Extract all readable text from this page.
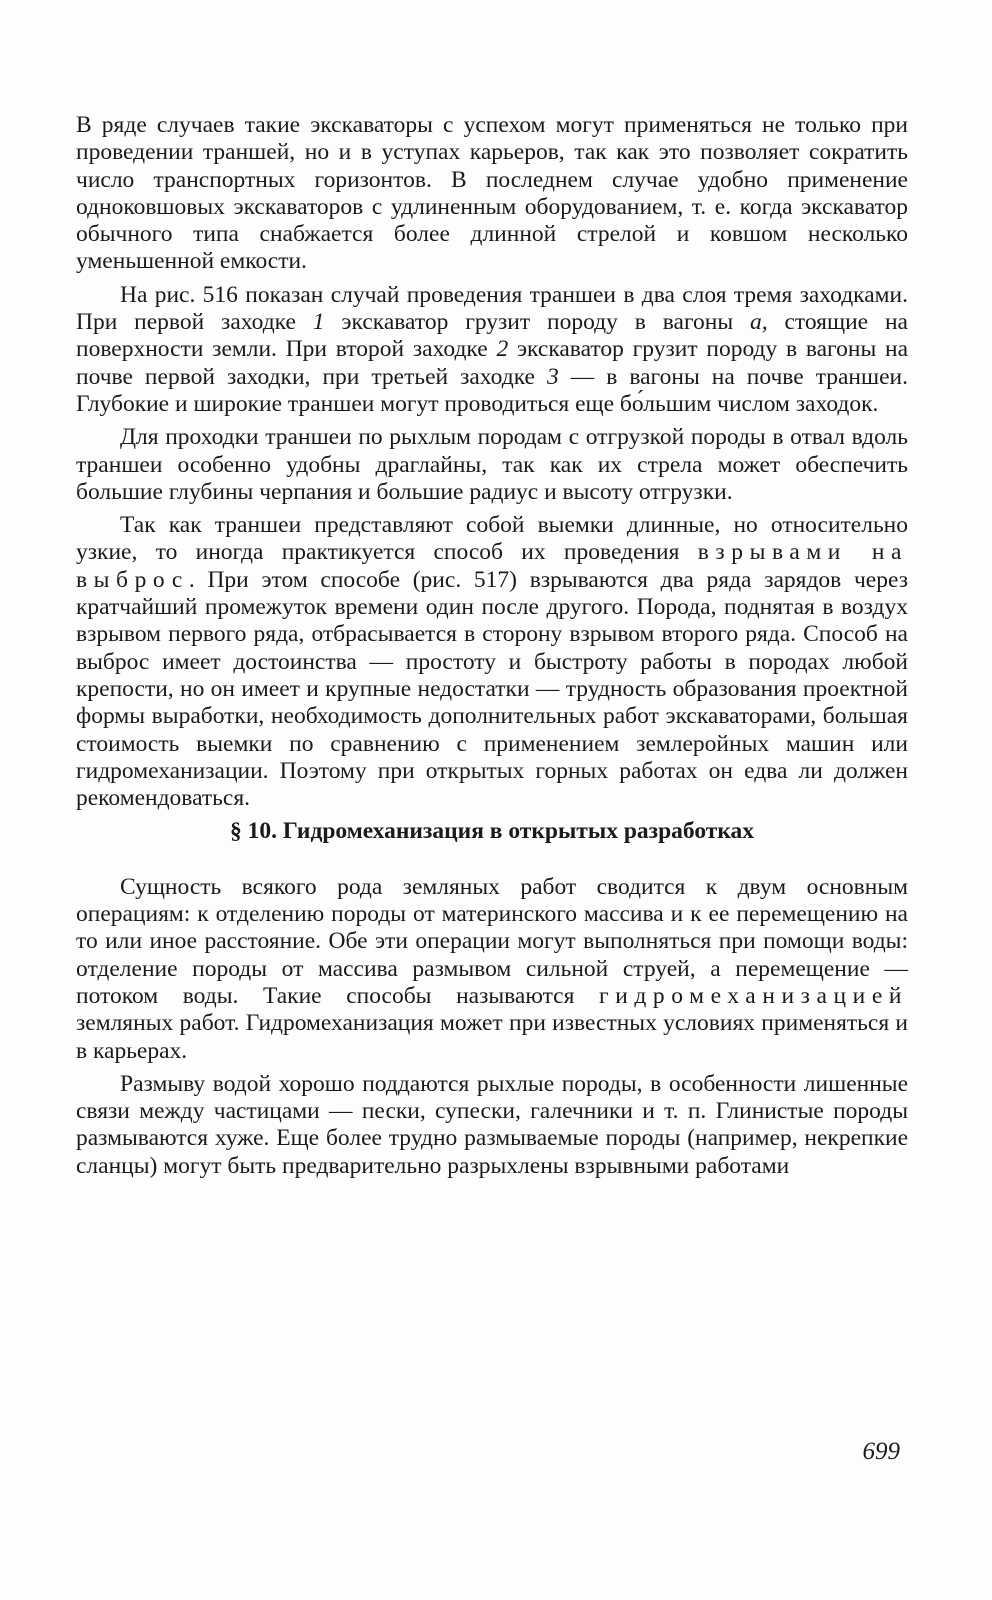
В ряде случаев такие экскаваторы с успехом могут применяться не только при проведении траншей, но и в уступах карьеров, так как это позволяет сократить число транспортных горизонтов. В последнем случае удобно применение одноковшовых экскаваторов с удлиненным оборудованием, т. е. когда экскаватор обычного типа снабжается более длинной стрелой и ковшом несколько уменьшенной емкости.

На рис. 516 показан случай проведения траншеи в два слоя тремя заходками. При первой заходке 1 экскаватор грузит породу в вагоны а, стоящие на поверхности земли. При второй заходке 2 экскаватор грузит породу в вагоны на почве первой заходки, при третьей заходке 3 — в вагоны на почве траншеи. Глубокие и широкие траншеи могут проводиться еще бо́льшим числом заходок.

Для проходки траншеи по рыхлым породам с отгрузкой породы в отвал вдоль траншеи особенно удобны драглайны, так как их стрела может обеспечить большие глубины черпания и большие радиус и высоту отгрузки.

Так как траншеи представляют собой выемки длинные, но относительно узкие, то иногда практикуется способ их проведения взрывами на выброс. При этом способе (рис. 517) взрываются два ряда зарядов через кратчайший промежуток времени один после другого. Порода, поднятая в воздух взрывом первого ряда, отбрасывается в сторону взрывом второго ряда. Способ на выброс имеет достоинства — простоту и быстроту работы в породах любой крепости, но он имеет и крупные недостатки — трудность образования проектной формы выработки, необходимость дополнительных работ экскаваторами, большая стоимость выемки по сравнению с применением землеройных машин или гидромеханизации. Поэтому при открытых горных работах он едва ли должен рекомендоваться.

§ 10. Гидромеханизация в открытых разработках

Сущность всякого рода земляных работ сводится к двум основным операциям: к отделению породы от материнского массива и к ее перемещению на то или иное расстояние. Обе эти операции могут выполняться при помощи воды: отделение породы от массива размывом сильной струей, а перемещение — потоком воды. Такие способы называются гидромеханизацией земляных работ. Гидромеханизация может при известных условиях применяться и в карьерах.

Размыву водой хорошо поддаются рыхлые породы, в особенности лишенные связи между частицами — пески, супески, галечники и т. п. Глинистые породы размываются хуже. Еще более трудно размываемые породы (например, некрепкие сланцы) могут быть предварительно разрыхлены взрывными работами

699
